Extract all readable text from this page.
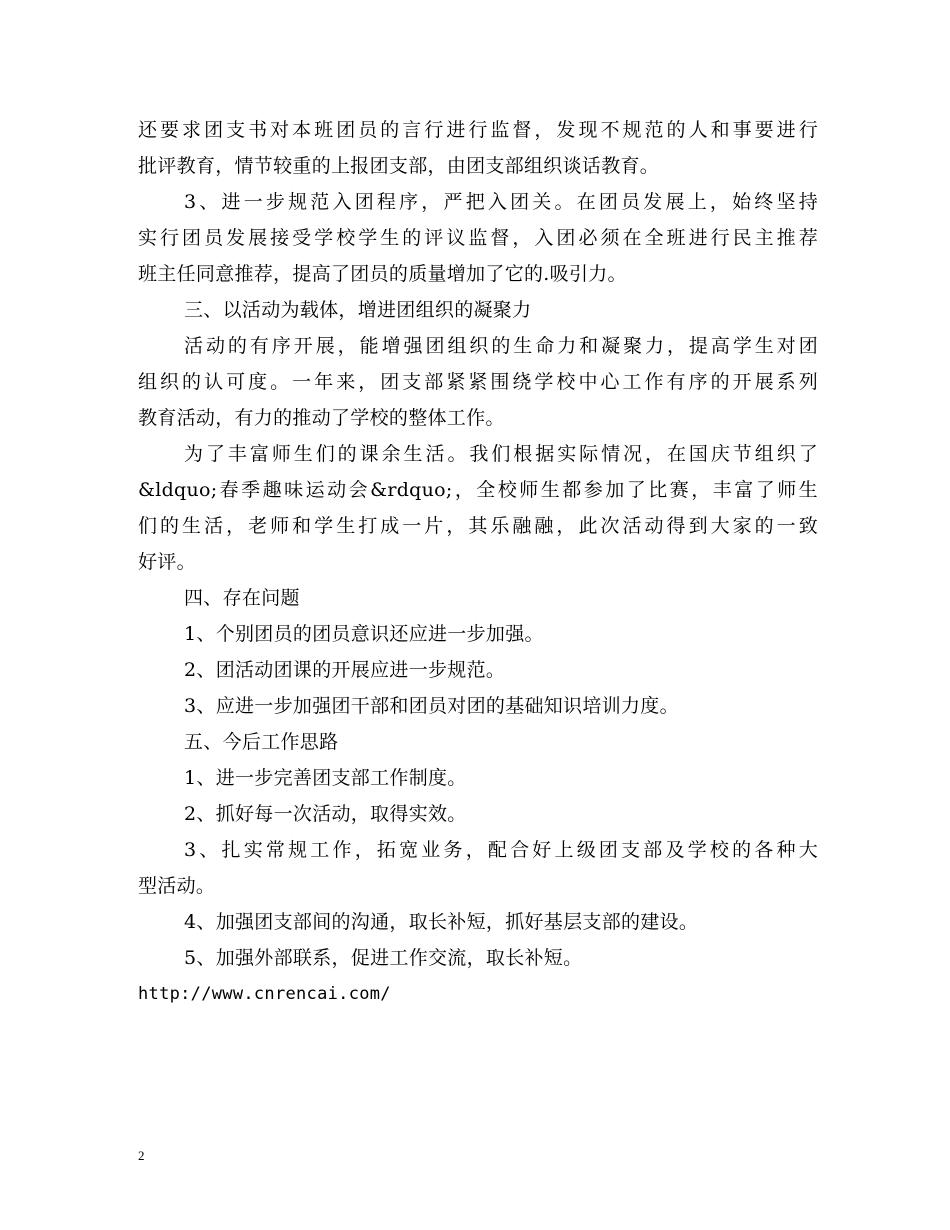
还要求团支书对本班团员的言行进行监督，发现不规范的人和事要进行
批评教育，情节较重的上报团支部，由团支部组织谈话教育。
3、进一步规范入团程序，严把入团关。在团员发展上，始终坚持
实行团员发展接受学校学生的评议监督，入团必须在全班进行民主推荐
班主任同意推荐，提高了团员的质量增加了它的.吸引力。
三、以活动为载体，增进团组织的凝聚力
活动的有序开展，能增强团组织的生命力和凝聚力，提高学生对团
组织的认可度。一年来，团支部紧紧围绕学校中心工作有序的开展系列
教育活动，有力的推动了学校的整体工作。
为了丰富师生们的课余生活。我们根据实际情况，在国庆节组织了
&ldquo;春季趣味运动会&rdquo;，全校师生都参加了比赛，丰富了师生
们的生活，老师和学生打成一片，其乐融融，此次活动得到大家的一致
好评。
四、存在问题
1、个别团员的团员意识还应进一步加强。
2、团活动团课的开展应进一步规范。
3、应进一步加强团干部和团员对团的基础知识培训力度。
五、今后工作思路
1、进一步完善团支部工作制度。
2、抓好每一次活动，取得实效。
3、扎实常规工作，拓宽业务，配合好上级团支部及学校的各种大
型活动。
4、加强团支部间的沟通，取长补短，抓好基层支部的建设。
5、加强外部联系，促进工作交流，取长补短。
http://www.cnrencai.com/
2
